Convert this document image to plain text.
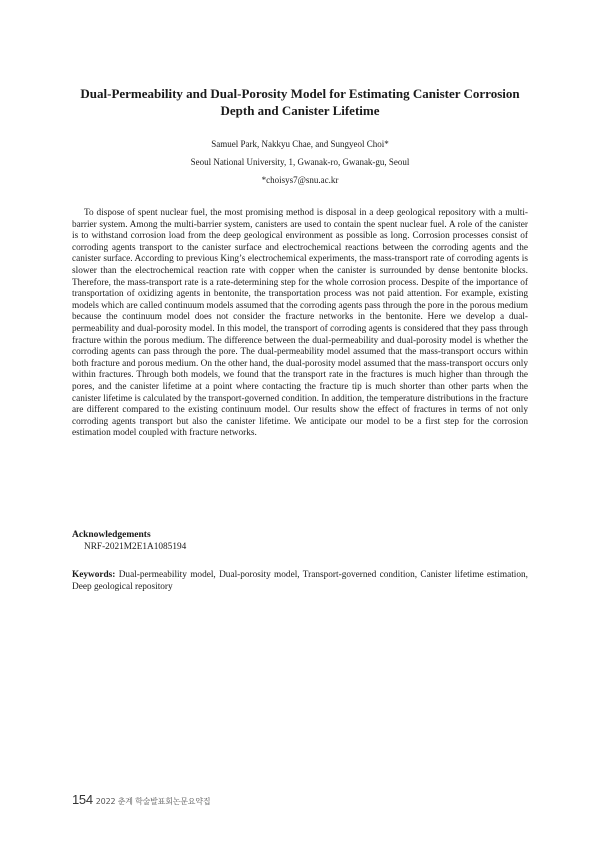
Dual-Permeability and Dual-Porosity Model for Estimating Canister Corrosion Depth and Canister Lifetime
Samuel Park, Nakkyu Chae, and Sungyeol Choi*
Seoul National University, 1, Gwanak-ro, Gwanak-gu, Seoul
*choisys7@snu.ac.kr

To dispose of spent nuclear fuel, the most promising method is disposal in a deep geological repository with a multi-barrier system. Among the multi-barrier system, canisters are used to contain the spent nuclear fuel. A role of the canister is to withstand corrosion load from the deep geological environment as possible as long. Corrosion processes consist of corroding agents transport to the canister surface and electrochemical reactions between the corroding agents and the canister surface. According to previous King’s electrochemical experiments, the mass-transport rate of corroding agents is slower than the electrochemical reaction rate with copper when the canister is surrounded by dense bentonite blocks. Therefore, the mass-transport rate is a rate-determining step for the whole corrosion process. Despite of the importance of transportation of oxidizing agents in bentonite, the transportation process was not paid attention. For example, existing models which are called continuum models assumed that the corroding agents pass through the pore in the porous medium because the continuum model does not consider the fracture networks in the bentonite. Here we develop a dual-permeability and dual-porosity model. In this model, the transport of corroding agents is considered that they pass through fracture within the porous medium. The difference between the dual-permeability and dual-porosity model is whether the corroding agents can pass through the pore. The dual-permeability model assumed that the mass-transport occurs within both fracture and porous medium. On the other hand, the dual-porosity model assumed that the mass-transport occurs only within fractures. Through both models, we found that the transport rate in the fractures is much higher than through the pores, and the canister lifetime at a point where contacting the fracture tip is much shorter than other parts when the canister lifetime is calculated by the transport-governed condition. In addition, the temperature distributions in the fracture are different compared to the existing continuum model. Our results show the effect of fractures in terms of not only corroding agents transport but also the canister lifetime. We anticipate our model to be a first step for the corrosion estimation model coupled with fracture networks.

Acknowledgements
NRF-2021M2E1A1085194

Keywords: Dual-permeability model, Dual-porosity model, Transport-governed condition, Canister lifetime estimation, Deep geological repository

154 2022 춘계 학술발표회논문요약집
